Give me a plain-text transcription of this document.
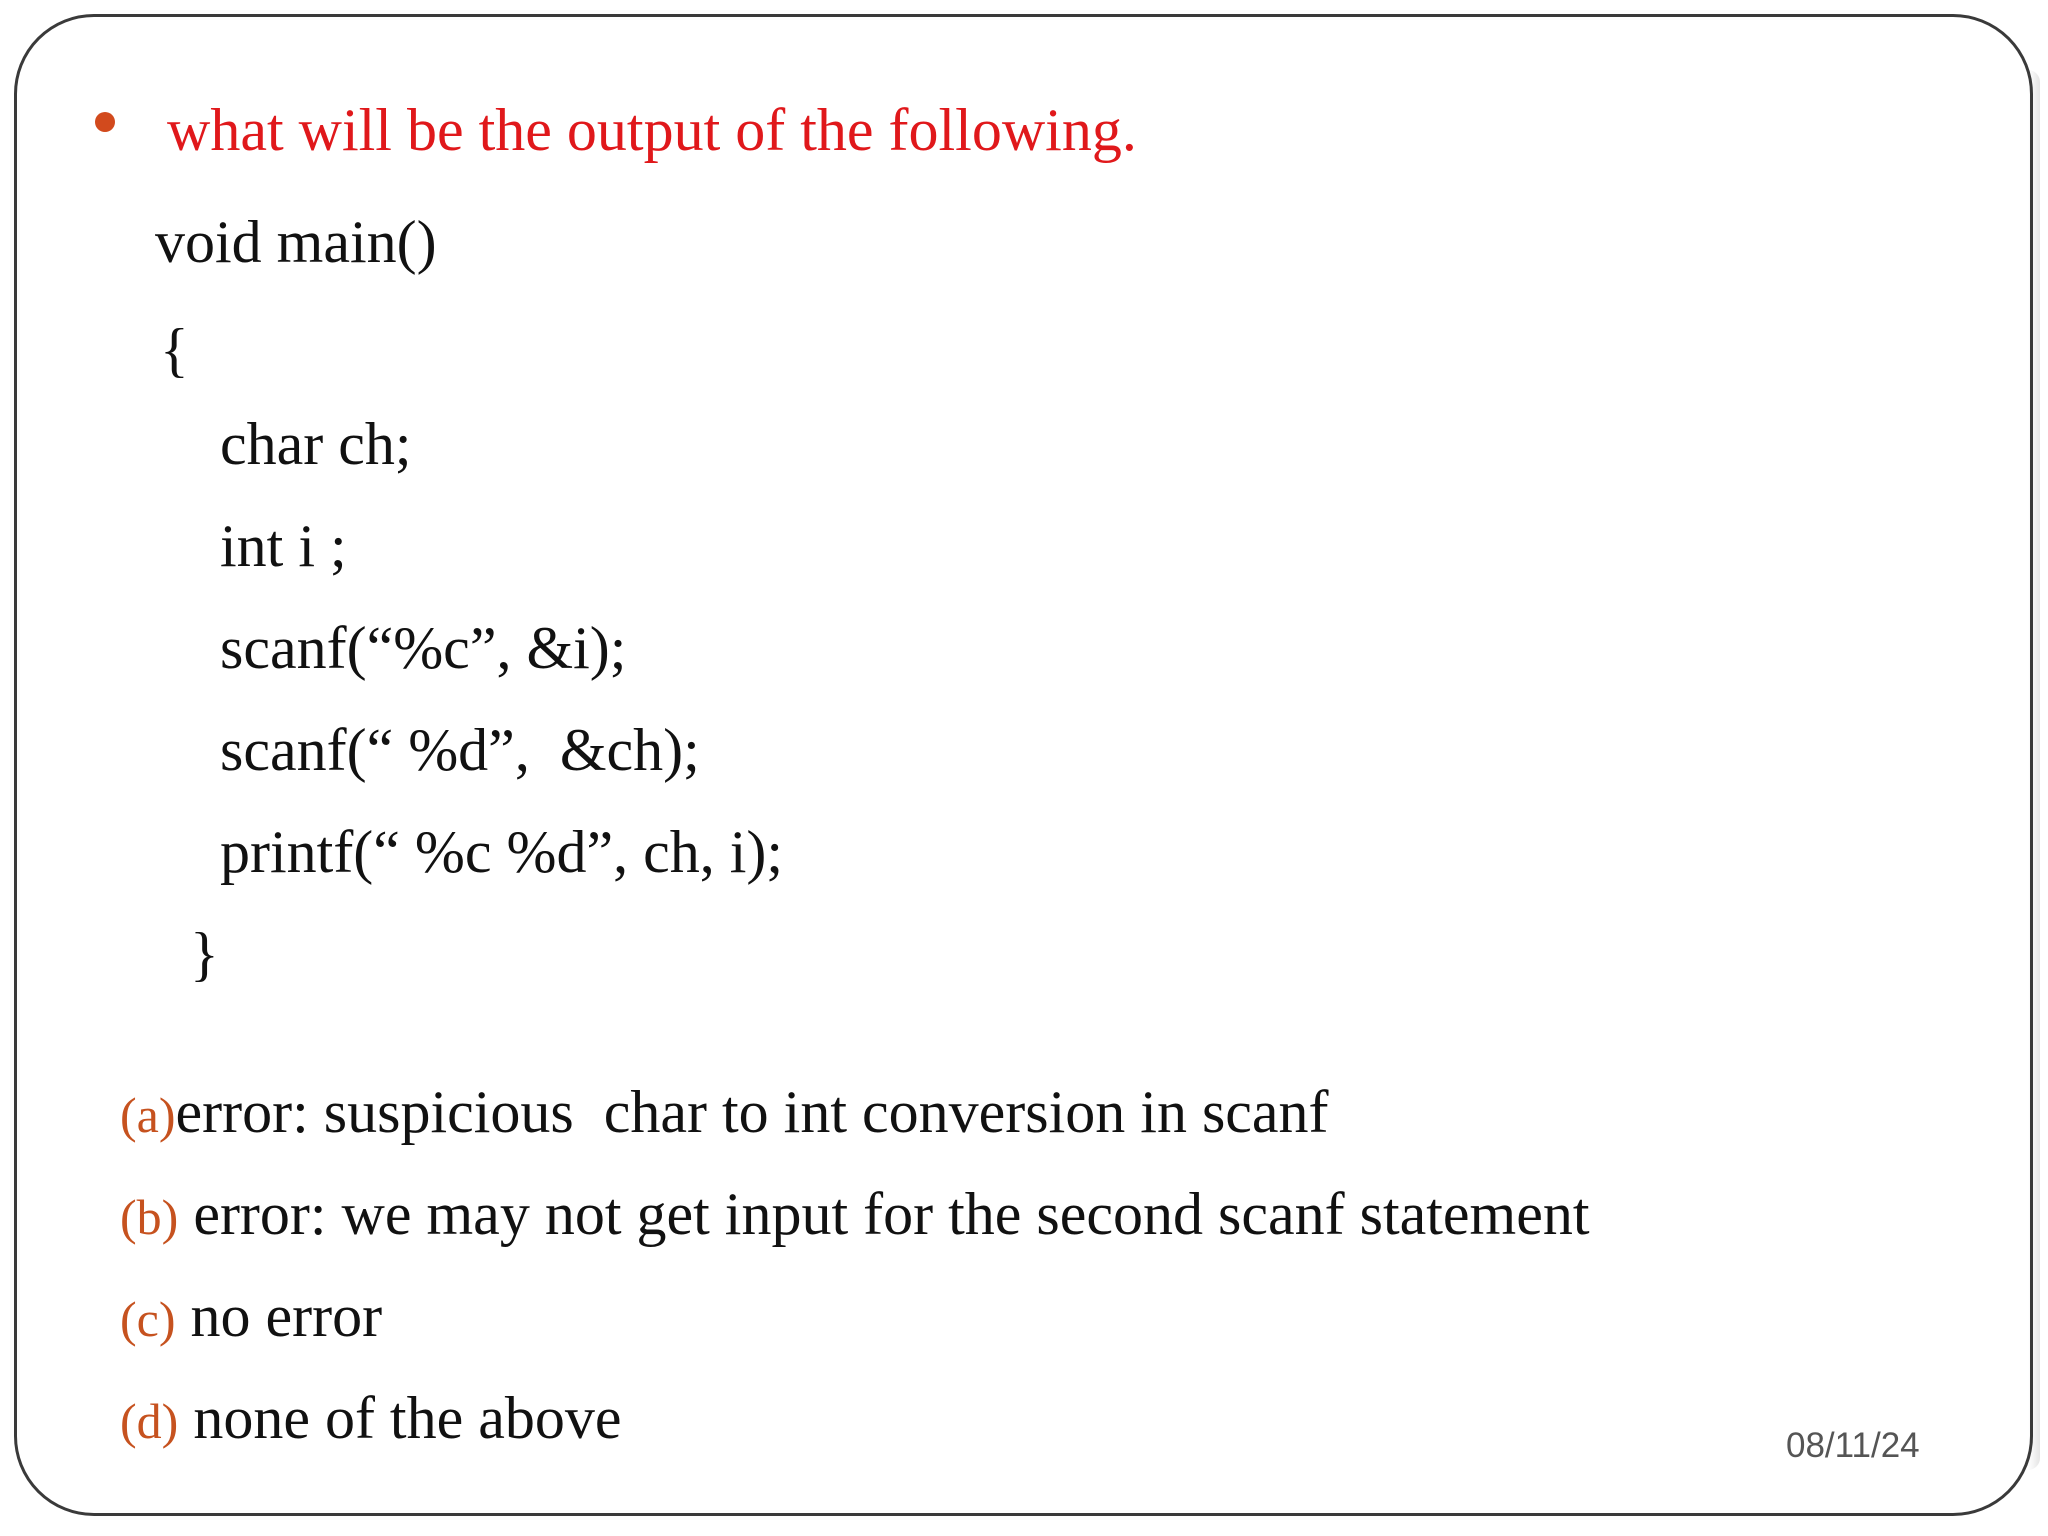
what will be the output of the following.
void main()
{
char ch;
int i ;
scanf(“%c”, &i);
scanf(“ %d”,  &ch);
printf(“ %c %d”, ch, i);
}

(a)error: suspicious  char to int conversion in scanf

(b) error: we may not get input for the second scanf statement

(c) no error

(d) none of the above	08/11/24
